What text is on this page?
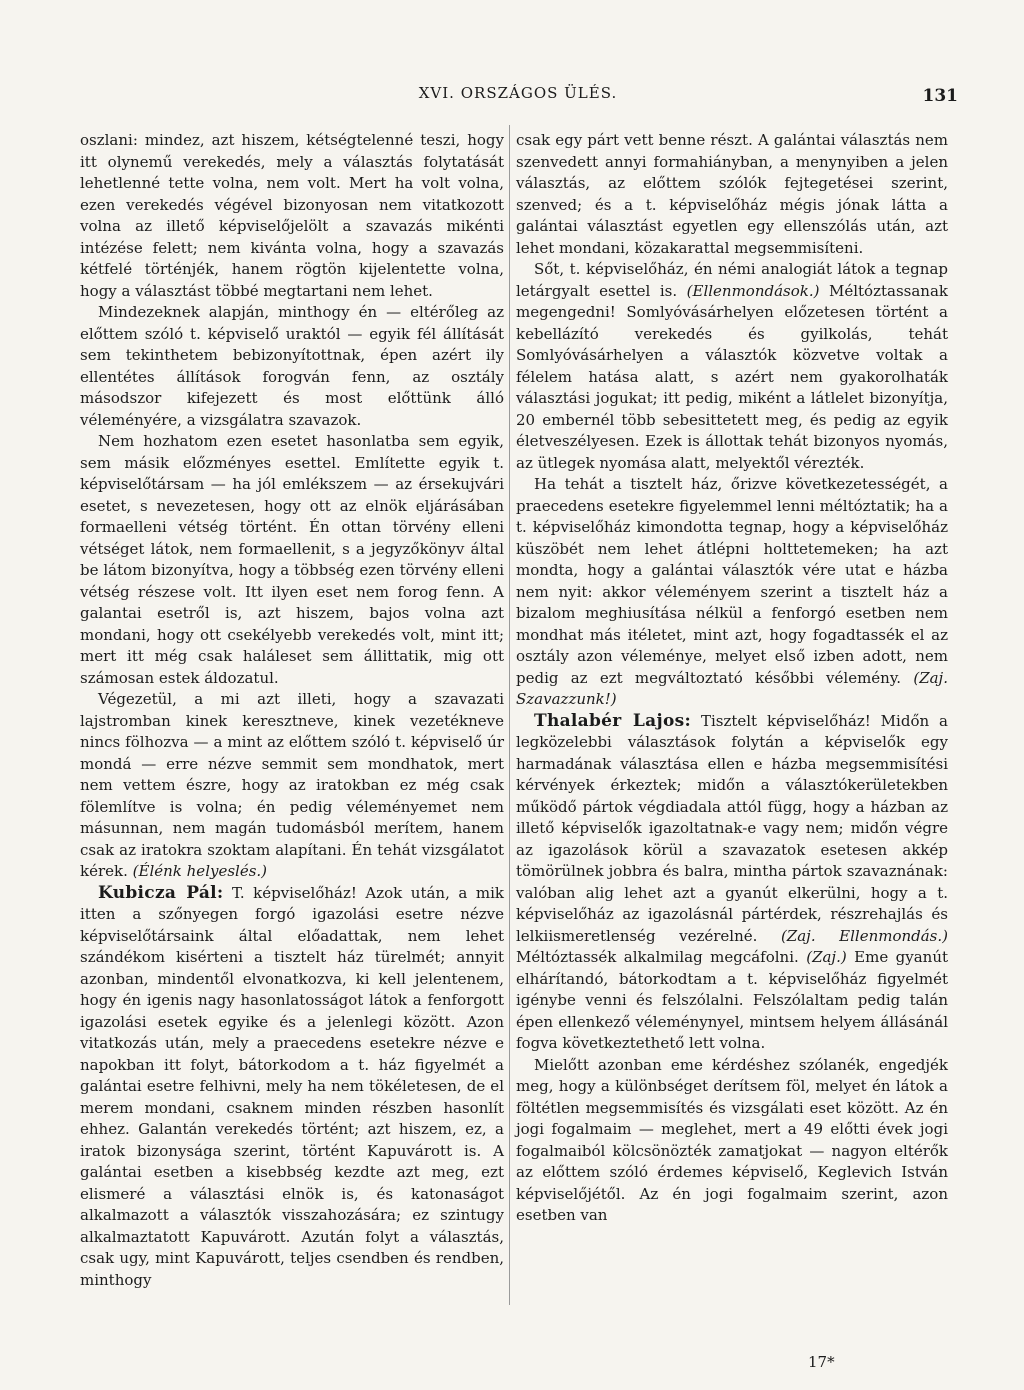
XVI. ORSZÁGOS ÜLÉS.	131

oszlani: mindez, azt hiszem, kétségtelenné teszi, hogy itt olynemű verekedés, mely a választás folytatását lehetlenné tette volna, nem volt. Mert ha volt volna, ezen verekedés végével bizonyosan nem vitatkozott volna az illető képviselőjelölt a szavazás mikénti intézése felett; nem kivánta volna, hogy a szavazás kétfelé történjék, hanem rögtön kijelentette volna, hogy a választást többé megtartani nem lehet.

Mindezeknek alapján, minthogy én — eltérőleg az előttem szóló t. képviselő uraktól — egyik fél állítását sem tekinthetem bebizonyítottnak, épen azért ily ellentétes állítások forogván fenn, az osztály másodszor kifejezett és most előttünk álló véleményére, a vizsgálatra szavazok.

Nem hozhatom ezen esetet hasonlatba sem egyik, sem másik előzményes esettel. Említette egyik t. képviselőtársam — ha jól emlékszem — az érsekujvári esetet, s nevezetesen, hogy ott az elnök eljárásában formaelleni vétség történt. Én ottan törvény elleni vétséget látok, nem formaellenit, s a jegyzőkönyv által be látom bizonyítva, hogy a többség ezen törvény elleni vétség részese volt. Itt ilyen eset nem forog fenn. A galantai esetről is, azt hiszem, bajos volna azt mondani, hogy ott csekélyebb verekedés volt, mint itt; mert itt még csak haláleset sem állittatik, mig ott számosan estek áldozatul.

Végezetül, a mi azt illeti, hogy a szavazati lajstromban kinek keresztneve, kinek vezetékneve nincs fölhozva — a mint az előttem szóló t. képviselő úr mondá — erre nézve semmit sem mondhatok, mert nem vettem észre, hogy az iratokban ez még csak fölemlítve is volna; én pedig véleményemet nem másunnan, nem magán tudomásból merítem, hanem csak az iratokra szoktam alapítani. Én tehát vizsgálatot kérek. (Élénk helyeslés.)

Kubicza Pál: T. képviselőház! Azok után, a mik itten a szőnyegen forgó igazolási esetre nézve képviselőtársaink által előadattak, nem lehet szándékom kisérteni a tisztelt ház türelmét; annyit azonban, mindentől elvonatkozva, ki kell jelentenem, hogy én igenis nagy hasonlatosságot látok a fenforgott igazolási esetek egyike és a jelenlegi között. Azon vitatkozás után, mely a praecedens esetekre nézve e napokban itt folyt, bátorkodom a t. ház figyelmét a galántai esetre felhivni, mely ha nem tökéletesen, de el merem mondani, csaknem minden részben hasonlít ehhez. Galantán verekedés történt; azt hiszem, ez, a iratok bizonysága szerint, történt Kapuvárott is. A galántai esetben a kisebbség kezdte azt meg, ezt elismeré a választási elnök is, és katonaságot alkalmazott a választók visszahozására; ez szintugy alkalmaztatott Kapuvárott. Azután folyt a választás, csak ugy, mint Kapuvárott, teljes csendben és rendben, minthogy

csak egy párt vett benne részt. A galántai választás nem szenvedett annyi formahiányban, a menynyiben a jelen választás, az előttem szólók fejtegetései szerint, szenved; és a t. képviselőház mégis jónak látta a galántai választást egyetlen egy ellenszólás után, azt lehet mondani, közakarattal megsemmisíteni.

Sőt, t. képviselőház, én némi analogiát látok a tegnap letárgyalt esettel is. (Ellenmondások.) Méltóztassanak megengedni! Somlyóvásárhelyen előzetesen történt a kebellázító verekedés és gyilkolás, tehát Somlyóvásárhelyen a választók közvetve voltak a félelem hatása alatt, s azért nem gyakorolhaták választási jogukat; itt pedig, miként a látlelet bizonyítja, 20 embernél több sebesittetett meg, és pedig az egyik életveszélyesen. Ezek is állottak tehát bizonyos nyomás, az ütlegek nyomása alatt, melyektől vérezték.

Ha tehát a tisztelt ház, őrizve következetességét, a praecedens esetekre figyelemmel lenni méltóztatik; ha a t. képviselőház kimondotta tegnap, hogy a képviselőház küszöbét nem lehet átlépni holttetemeken; ha azt mondta, hogy a galántai választók vére utat e házba nem nyit: akkor véleményem szerint a tisztelt ház a bizalom meghiusítása nélkül a fenforgó esetben nem mondhat más itéletet, mint azt, hogy fogadtassék el az osztály azon véleménye, melyet első izben adott, nem pedig az ezt megváltoztató későbbi vélemény. (Zaj. Szavazzunk!)

Thalabér Lajos: Tisztelt képviselőház! Midőn a legközelebbi választások folytán a képviselők egy harmadának választása ellen e házba megsemmisítési kérvények érkeztek; midőn a választókerületekben működő pártok végdiadala attól függ, hogy a házban az illető képviselők igazoltatnak-e vagy nem; midőn végre az igazolások körül a szavazatok esetesen akkép tömörülnek jobbra és balra, mintha pártok szavaznának: valóban alig lehet azt a gyanút elkerülni, hogy a t. képviselőház az igazolásnál pártérdek, részrehajlás és lelkiismeretlenség vezérelné. (Zaj. Ellenmondás.) Méltóztassék alkalmilag megcáfolni. (Zaj.) Eme gyanút elhárítandó, bátorkodtam a t. képviselőház figyelmét igénybe venni és felszólalni. Felszólaltam pedig talán épen ellenkező véleménynyel, mintsem helyem állásánál fogva következtethető lett volna.

Mielőtt azonban eme kérdéshez szólanék, engedjék meg, hogy a különbséget derítsem föl, melyet én látok a föltétlen megsemmisítés és vizsgálati eset között. Az én jogi fogalmaim — meglehet, mert a 49 előtti évek jogi fogalmaiból kölcsönözték zamatjokat — nagyon eltérők az előttem szóló érdemes képviselő, Keglevich István képviselőjétől. Az én jogi fogalmaim szerint, azon esetben van

17*
